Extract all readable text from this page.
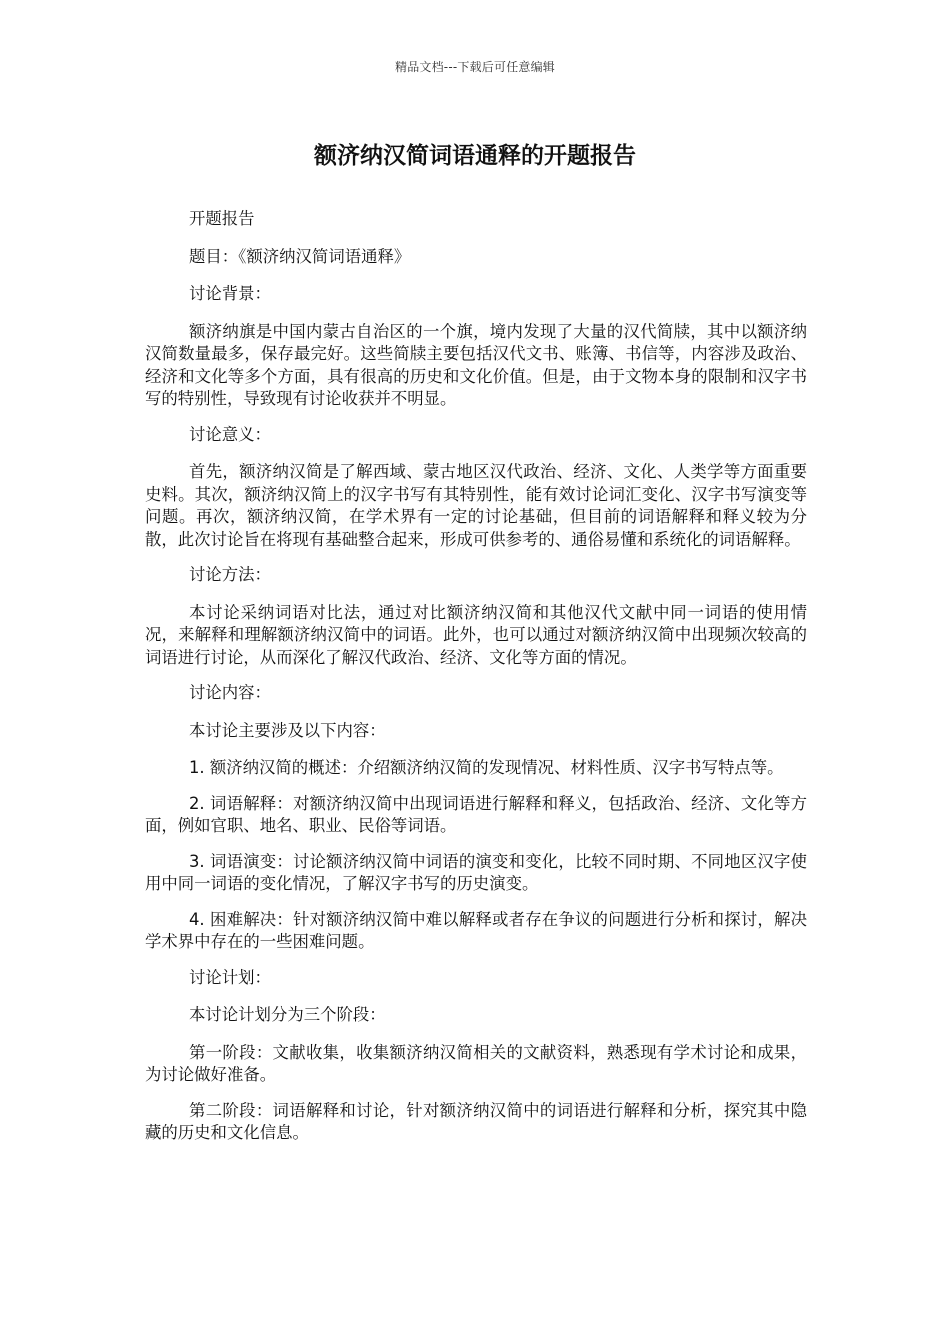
精品文档---下载后可任意编辑
额济纳汉简词语通释的开题报告

开题报告

题目：《额济纳汉简词语通释》

讨论背景：

额济纳旗是中国内蒙古自治区的一个旗，境内发现了大量的汉代简牍，其中以额济纳汉简数量最多，保存最完好。这些简牍主要包括汉代文书、账簿、书信等，内容涉及政治、经济和文化等多个方面，具有很高的历史和文化价值。但是，由于文物本身的限制和汉字书写的特别性，导致现有讨论收获并不明显。

讨论意义：

首先，额济纳汉简是了解西域、蒙古地区汉代政治、经济、文化、人类学等方面重要史料。其次，额济纳汉简上的汉字书写有其特别性，能有效讨论词汇变化、汉字书写演变等问题。再次，额济纳汉简，在学术界有一定的讨论基础，但目前的词语解释和释义较为分散，此次讨论旨在将现有基础整合起来，形成可供参考的、通俗易懂和系统化的词语解释。

讨论方法：

本讨论采纳词语对比法，通过对比额济纳汉简和其他汉代文献中同一词语的使用情况，来解释和理解额济纳汉简中的词语。此外，也可以通过对额济纳汉简中出现频次较高的词语进行讨论，从而深化了解汉代政治、经济、文化等方面的情况。

讨论内容：

本讨论主要涉及以下内容：

1. 额济纳汉简的概述：介绍额济纳汉简的发现情况、材料性质、汉字书写特点等。

2. 词语解释：对额济纳汉简中出现词语进行解释和释义，包括政治、经济、文化等方面，例如官职、地名、职业、民俗等词语。

3. 词语演变：讨论额济纳汉简中词语的演变和变化，比较不同时期、不同地区汉字使用中同一词语的变化情况，了解汉字书写的历史演变。

4. 困难解决：针对额济纳汉简中难以解释或者存在争议的问题进行分析和探讨，解决学术界中存在的一些困难问题。

讨论计划：

本讨论计划分为三个阶段：

第一阶段：文献收集，收集额济纳汉简相关的文献资料，熟悉现有学术讨论和成果，为讨论做好准备。

第二阶段：词语解释和讨论，针对额济纳汉简中的词语进行解释和分析，探究其中隐藏的历史和文化信息。
